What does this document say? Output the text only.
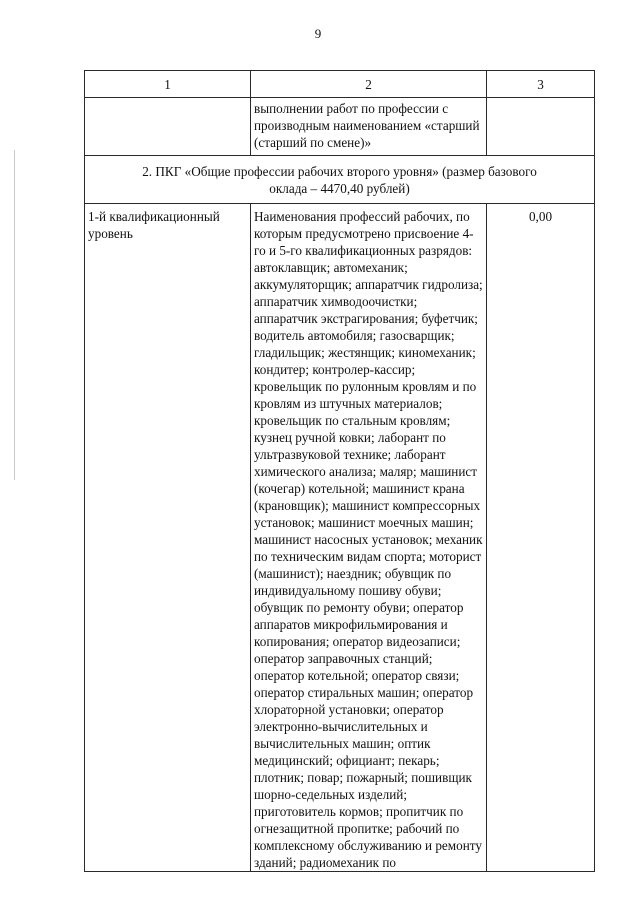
9
1	2	3
	выполнении работ по профессии с производным наименованием «старший (старший по смене)»	
2. ПКГ «Общие профессии рабочих второго уровня» (размер базового оклада – 4470,40 рублей)		
1-й квалификационный уровень	Наименования профессий рабочих, по которым предусмотрено присвоение 4-го и 5-го квалификационных разрядов: автоклавщик; автомеханик; аккумуляторщик; аппаратчик гидролиза; аппаратчик химводоочистки; аппаратчик экстрагирования; буфетчик; водитель автомобиля; газосварщик; гладильщик; жестянщик; киномеханик; кондитер; контролер-кассир; кровельщик по рулонным кровлям и по кровлям из штучных материалов; кровельщик по стальным кровлям; кузнец ручной ковки; лаборант по ультразвуковой технике; лаборант химического анализа; маляр; машинист (кочегар) котельной; машинист крана (крановщик); машинист компрессорных установок; машинист моечных машин; машинист насосных установок; механик по техническим видам спорта; моторист (машинист); наездник; обувщик по индивидуальному пошиву обуви; обувщик по ремонту обуви; оператор аппаратов микрофильмирования и копирования; оператор видеозаписи; оператор заправочных станций; оператор котельной; оператор связи; оператор стиральных машин; оператор хлораторной установки; оператор электронно-вычислительных и вычислительных машин; оптик медицинский; официант; пекарь; плотник; повар; пожарный; пошивщик шорно-седельных изделий; приготовитель кормов; пропитчик по огнезащитной пропитке; рабочий по комплексному обслуживанию и ремонту зданий; радиомеханик по	0,00
